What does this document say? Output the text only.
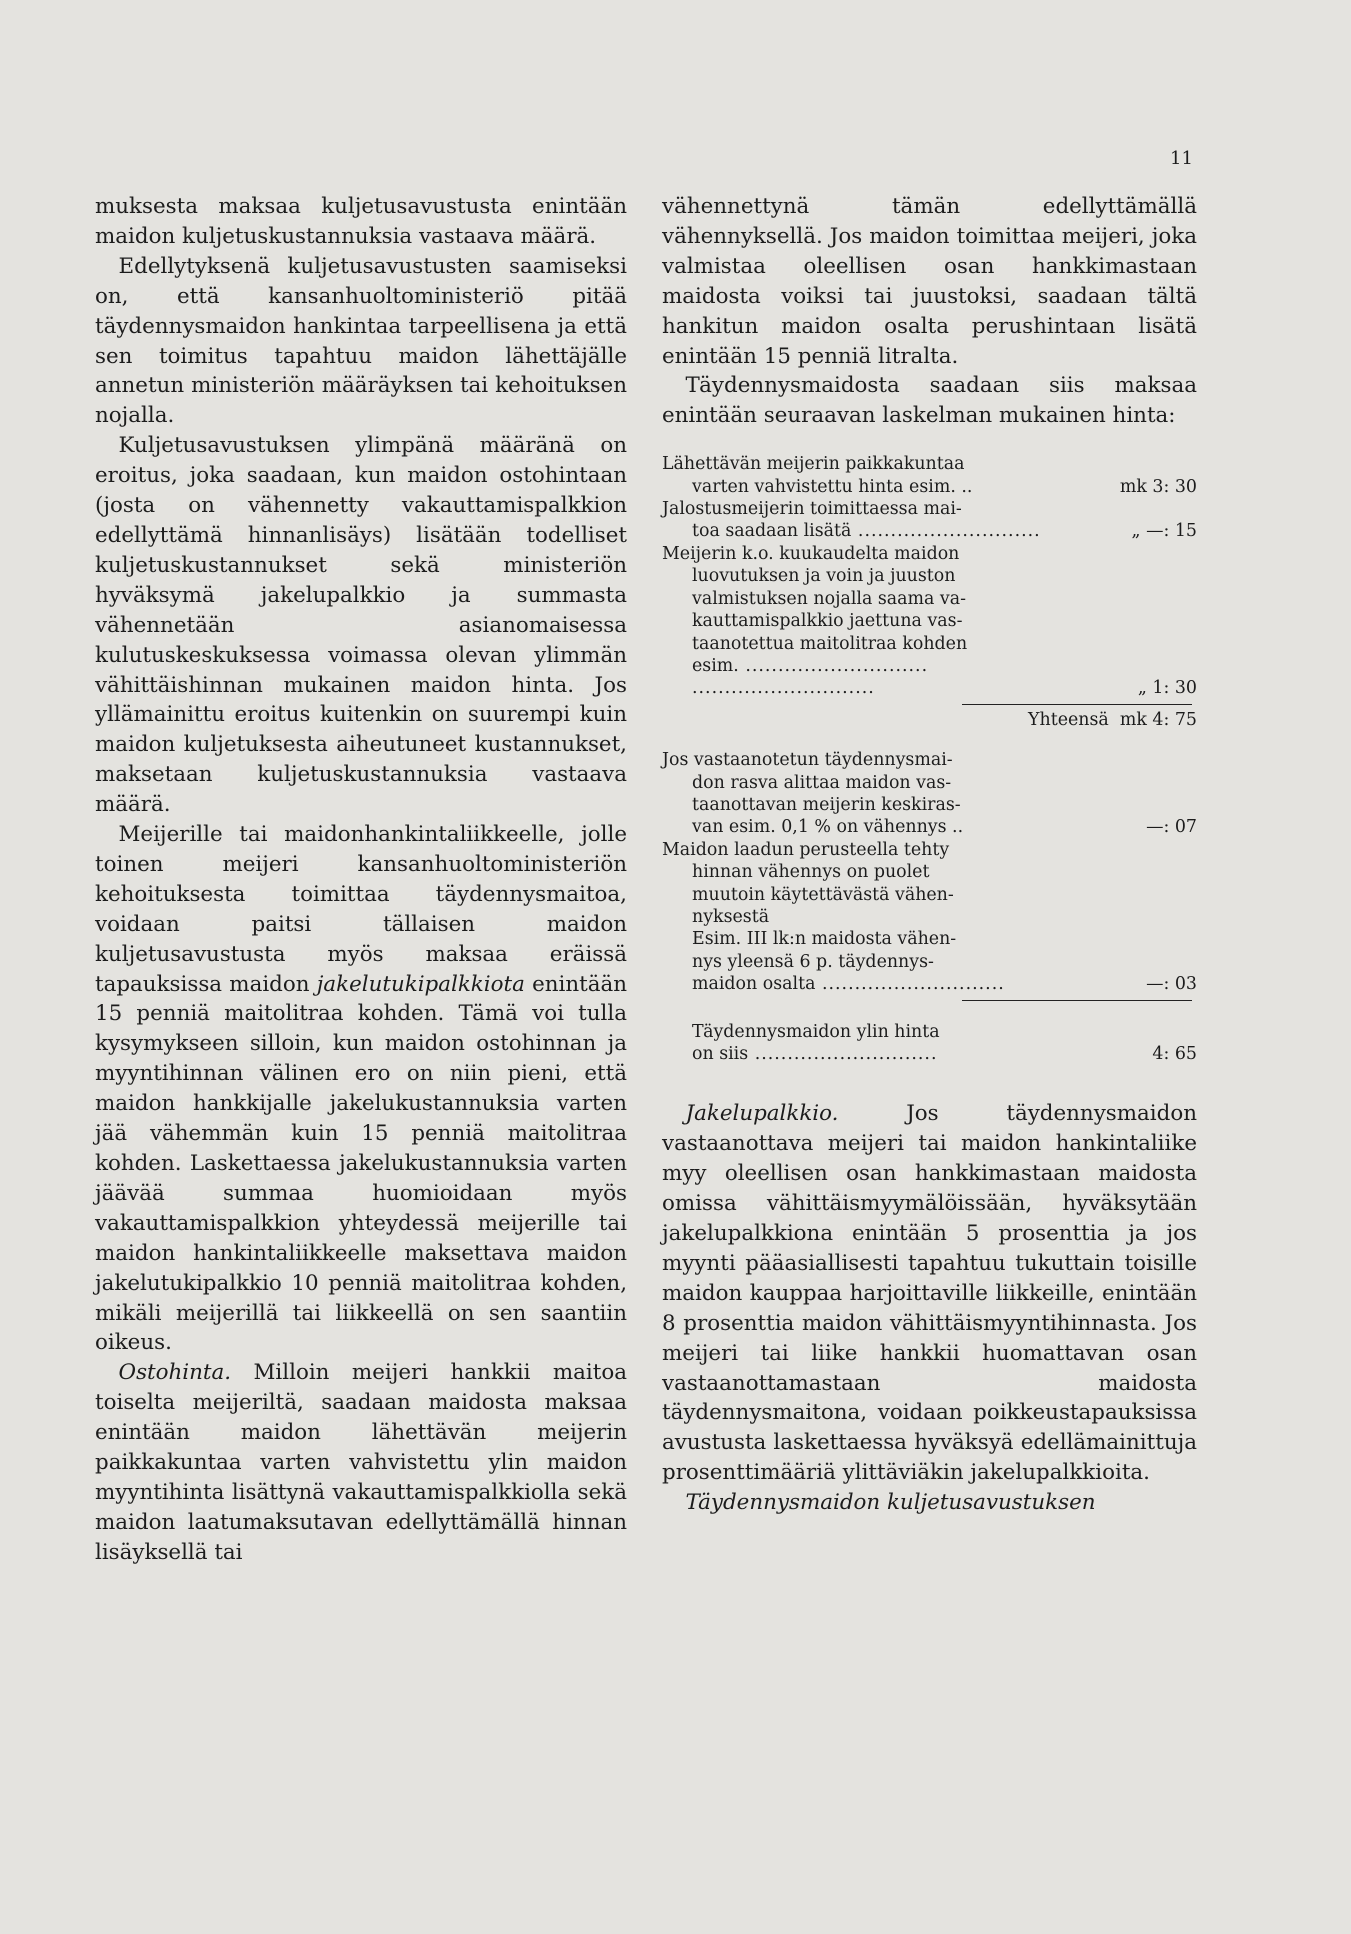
11

muksesta maksaa kuljetusavustusta enintään maidon kuljetuskustannuksia vastaava määrä.

Edellytyksenä kuljetusavustusten saamiseksi on, että kansanhuoltoministeriö pitää täydennysmaidon hankintaa tarpeellisena ja että sen toimitus tapahtuu maidon lähettäjälle annetun ministeriön määräyksen tai kehoituksen nojalla.

Kuljetusavustuksen ylimpänä määränä on eroitus, joka saadaan, kun maidon ostohintaan (josta on vähennetty vakauttamispalkkion edellyttämä hinnanlisäys) lisätään todelliset kuljetuskustannukset sekä ministeriön hyväksymä jakelupalkkio ja summasta vähennetään asianomaisessa kulutuskeskuksessa voimassa olevan ylimmän vähittäishinnan mukainen maidon hinta. Jos yllämainittu eroitus kuitenkin on suurempi kuin maidon kuljetuksesta aiheutuneet kustannukset, maksetaan kuljetuskustannuksia vastaava määrä.

Meijerille tai maidonhankintaliikkeelle, jolle toinen meijeri kansanhuoltoministeriön kehoituksesta toimittaa täydennysmaitoa, voidaan paitsi tällaisen maidon kuljetusavustusta myös maksaa eräissä tapauksissa maidon jakelutukipalkkiota enintään 15 penniä maitolitraa kohden. Tämä voi tulla kysymykseen silloin, kun maidon ostohinnan ja myyntihinnan välinen ero on niin pieni, että maidon hankkijalle jakelukustannuksia varten jää vähemmän kuin 15 penniä maitolitraa kohden. Laskettaessa jakelukustannuksia varten jäävää summaa huomioidaan myös vakauttamispalkkion yhteydessä meijerille tai maidon hankintaliikkeelle maksettava maidon jakelutukipalkkio 10 penniä maitolitraa kohden, mikäli meijerillä tai liikkeellä on sen saantiin oikeus.

Ostohinta. Milloin meijeri hankkii maitoa toiselta meijeriltä, saadaan maidosta maksaa enintään maidon lähettävän meijerin paikkakuntaa varten vahvistettu ylin maidon myyntihinta lisättynä vakauttamispalkkiolla sekä maidon laatumaksutavan edellyttämällä hinnan lisäyksellä tai

vähennettynä tämän edellyttämällä vähennyksellä. Jos maidon toimittaa meijeri, joka valmistaa oleellisen osan hankkimastaan maidosta voiksi tai juustoksi, saadaan tältä hankitun maidon osalta perushintaan lisätä enintään 15 penniä litralta.

Täydennysmaidosta saadaan siis maksaa enintään seuraavan laskelman mukainen hinta:

Lähettävän meijerin paikkakuntaa
varten vahvistettu hinta esim. ..	mk 3: 30
Jalostusmeijerin toimittaessa mai-
toa saadaan lisätä .....	„ —: 15
Meijerin k.o. kuukaudelta maidon
luovutuksen ja voin ja juuston
valmistuksen nojalla saama va-
kauttamispalkkio jaettuna vas-
taanotettua maitolitraa kohden
esim. ..... .....
„ 1: 30
Yhteensä mk 4: 75
Jos vastaanotetun täydennysmai-
don rasva alittaa maidon vas-
taanottavan meijerin keskiras-
van esim. 0,1 % on vähennys ..	—: 07
Maidon laadun perusteella tehty
hinnan vähennys on puolet
muutoin käytettävästä vähen-
nyksestä
Esim. III lk:n maidosta vähen-
nys yleensä 6 p. täydennys-
maidon osalta .....	—: 03
Täydennysmaidon ylin hinta
on siis .....	4: 65

Jakelupalkkio. Jos täydennysmaidon vastaanottava meijeri tai maidon hankintaliike myy oleellisen osan hankkimastaan maidosta omissa vähittäismyymälöissään, hyväksytään jakelupalkkiona enintään 5 prosenttia ja jos myynti pääasiallisesti tapahtuu tukuttain toisille maidon kauppaa harjoittaville liikkeille, enintään 8 prosenttia maidon vähittäismyyntihinnasta. Jos meijeri tai liike hankkii huomattavan osan vastaanottamastaan maidosta täydennysmaitona, voidaan poikkeustapauksissa avustusta laskettaessa hyväksyä edellämainittuja prosenttimääriä ylittäviäkin jakelupalkkioita.

Täydennysmaidon kuljetusavustuksen
